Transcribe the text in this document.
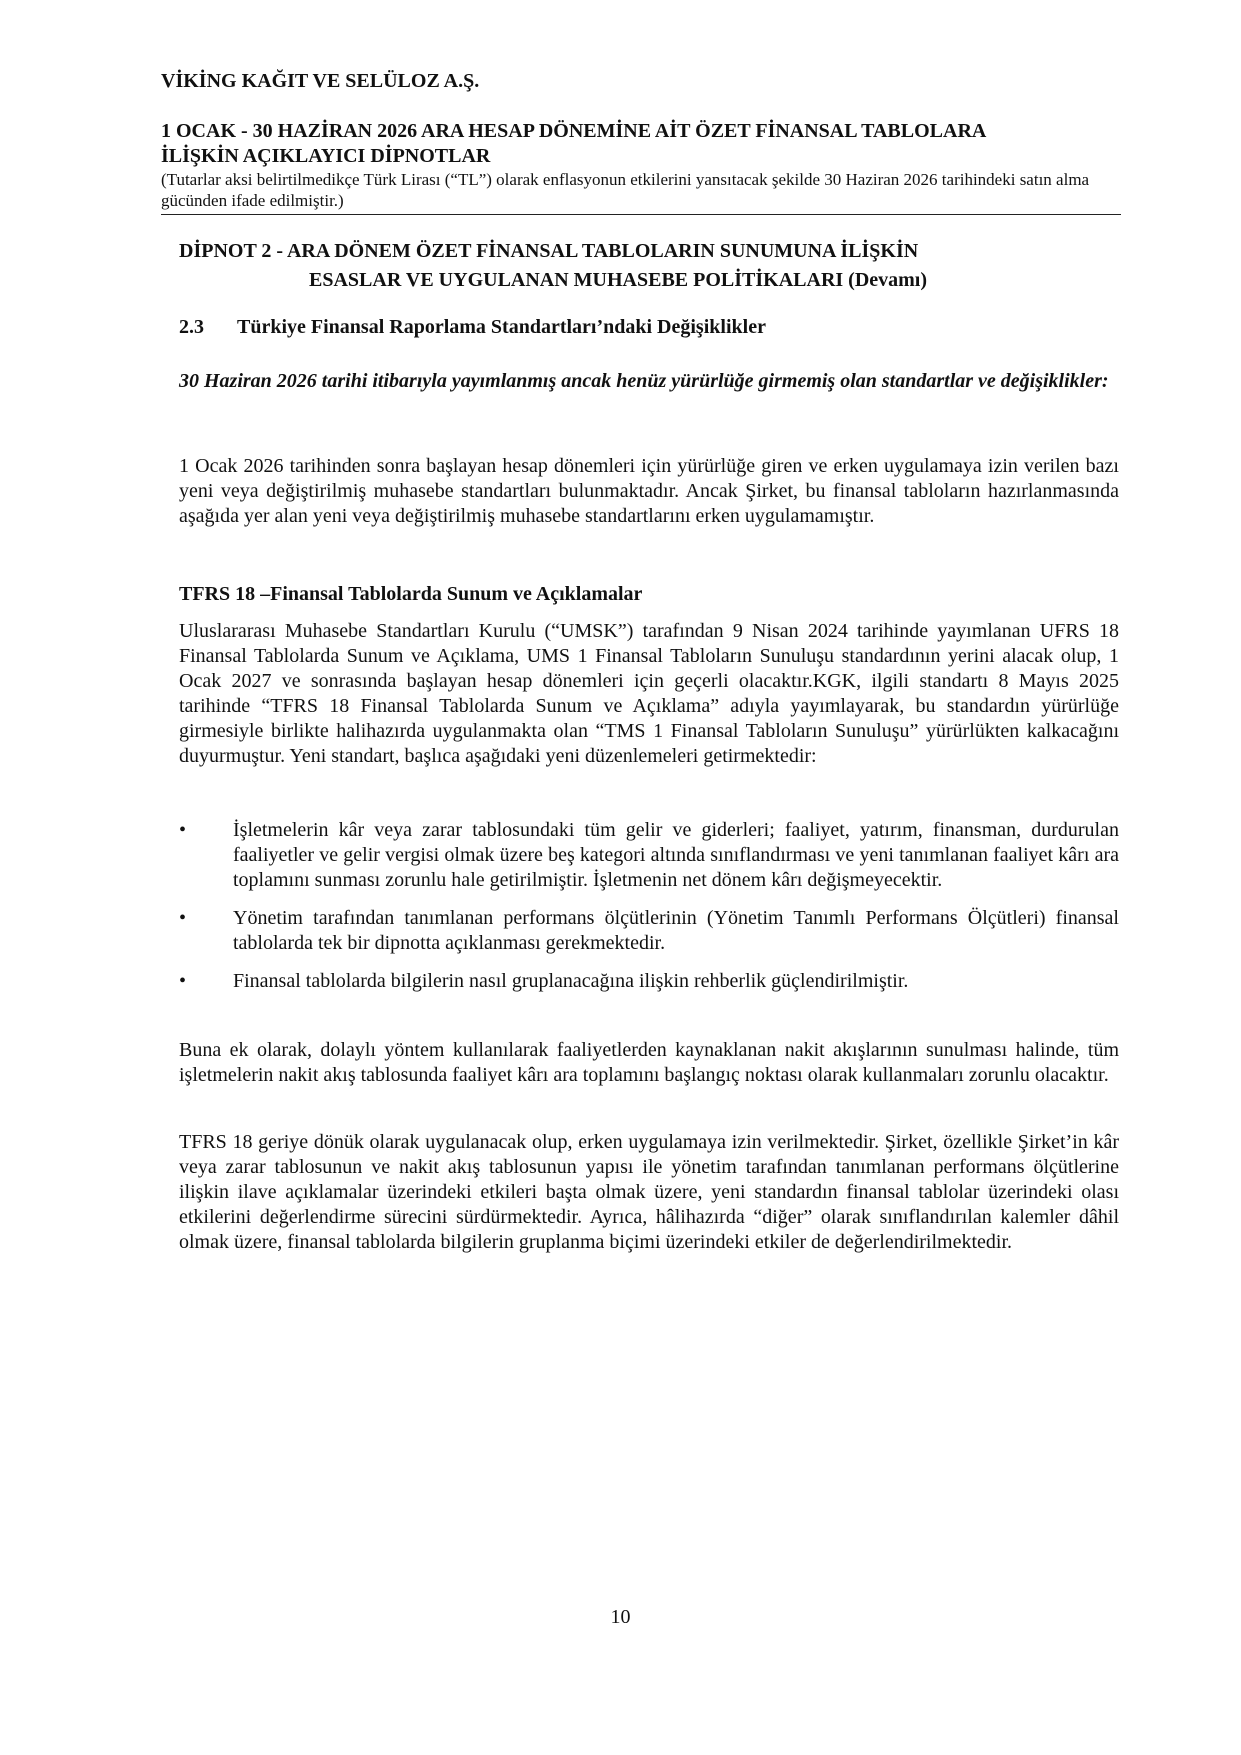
VİKİNG KAĞIT VE SELÜLOZ A.Ş.
1 OCAK - 30 HAZİRAN 2026 ARA HESAP DÖNEMİNE AİT ÖZET FİNANSAL TABLOLARA
İLİŞKİN AÇIKLAYICI DİPNOTLAR
(Tutarlar aksi belirtilmedikçe Türk Lirası (“TL”) olarak enflasyonun etkilerini yansıtacak şekilde 30 Haziran 2026 tarihindeki satın alma gücünden ifade edilmiştir.)
DİPNOT 2 - ARA DÖNEM ÖZET FİNANSAL TABLOLARIN SUNUMUNA İLİŞKİN
ESASLAR VE UYGULANAN MUHASEBE POLİTİKALARI (Devamı)
2.3 Türkiye Finansal Raporlama Standartları’ndaki Değişiklikler
30 Haziran 2026 tarihi itibarıyla yayımlanmış ancak henüz yürürlüğe girmemiş olan standartlar ve değişiklikler:
1 Ocak 2026 tarihinden sonra başlayan hesap dönemleri için yürürlüğe giren ve erken uygulamaya izin verilen bazı yeni veya değiştirilmiş muhasebe standartları bulunmaktadır. Ancak Şirket, bu finansal tabloların hazırlanmasında aşağıda yer alan yeni veya değiştirilmiş muhasebe standartlarını erken uygulamamıştır.
TFRS 18 –Finansal Tablolarda Sunum ve Açıklamalar
Uluslararası Muhasebe Standartları Kurulu (“UMSK”) tarafından 9 Nisan 2024 tarihinde yayımlanan UFRS 18 Finansal Tablolarda Sunum ve Açıklama, UMS 1 Finansal Tabloların Sunuluşu standardının yerini alacak olup, 1 Ocak 2027 ve sonrasında başlayan hesap dönemleri için geçerli olacaktır.KGK, ilgili standartı 8 Mayıs 2025 tarihinde “TFRS 18 Finansal Tablolarda Sunum ve Açıklama” adıyla yayımlayarak, bu standardın yürürlüğe girmesiyle birlikte halihazırda uygulanmakta olan “TMS 1 Finansal Tabloların Sunuluşu” yürürlükten kalkacağını duyurmuştur. Yeni standart, başlıca aşağıdaki yeni düzenlemeleri getirmektedir:
• İşletmelerin kâr veya zarar tablosundaki tüm gelir ve giderleri; faaliyet, yatırım, finansman, durdurulan faaliyetler ve gelir vergisi olmak üzere beş kategori altında sınıflandırması ve yeni tanımlanan faaliyet kârı ara toplamını sunması zorunlu hale getirilmiştir. İşletmenin net dönem kârı değişmeyecektir.
• Yönetim tarafından tanımlanan performans ölçütlerinin (Yönetim Tanımlı Performans Ölçütleri) finansal tablolarda tek bir dipnotta açıklanması gerekmektedir.
• Finansal tablolarda bilgilerin nasıl gruplanacağına ilişkin rehberlik güçlendirilmiştir.
Buna ek olarak, dolaylı yöntem kullanılarak faaliyetlerden kaynaklanan nakit akışlarının sunulması halinde, tüm işletmelerin nakit akış tablosunda faaliyet kârı ara toplamını başlangıç noktası olarak kullanmaları zorunlu olacaktır.
TFRS 18 geriye dönük olarak uygulanacak olup, erken uygulamaya izin verilmektedir. Şirket, özellikle Şirket’in kâr veya zarar tablosunun ve nakit akış tablosunun yapısı ile yönetim tarafından tanımlanan performans ölçütlerine ilişkin ilave açıklamalar üzerindeki etkileri başta olmak üzere, yeni standardın finansal tablolar üzerindeki olası etkilerini değerlendirme sürecini sürdürmektedir. Ayrıca, hâlihazırda “diğer” olarak sınıflandırılan kalemler dâhil olmak üzere, finansal tablolarda bilgilerin gruplanma biçimi üzerindeki etkiler de değerlendirilmektedir.
10
